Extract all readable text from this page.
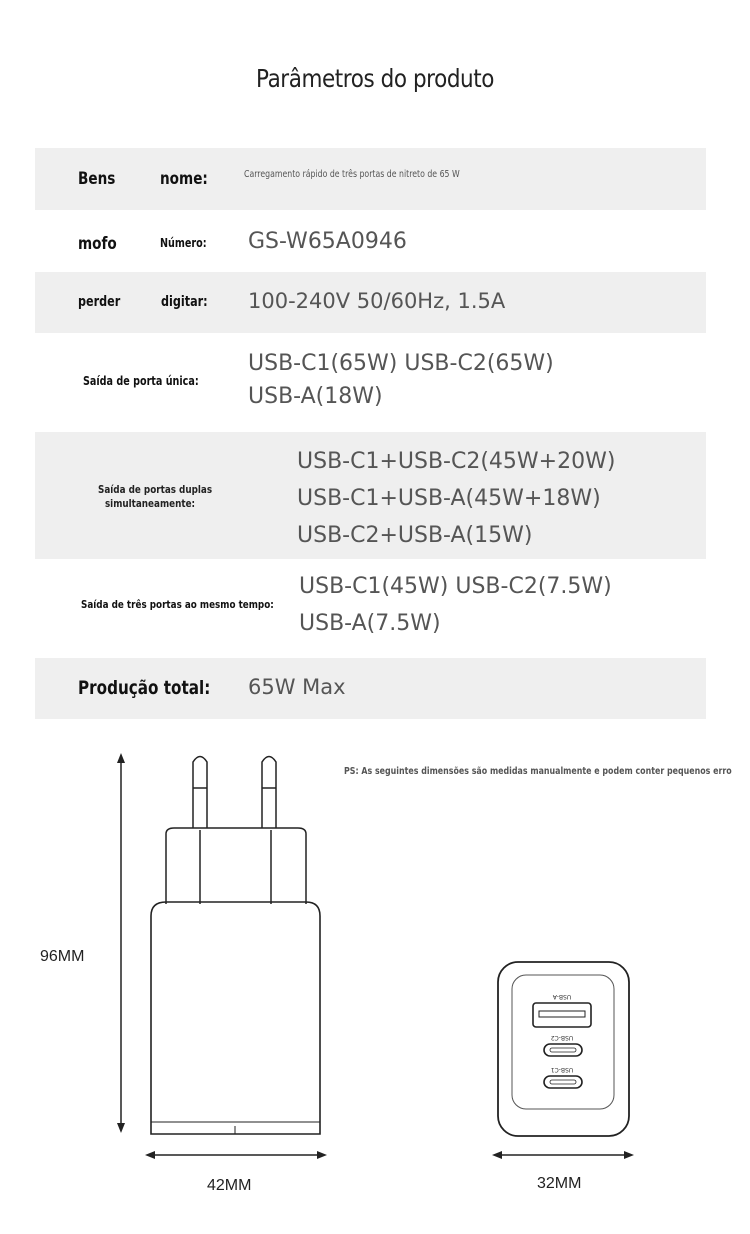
Parâmetros do produto
Bens	nome:	Carregamento rápido de três portas de nitreto de 65 W
mofo	Número: GS-W65A0946
perder	digitar: 100-240V 50/60Hz, 1.5A
Saída de porta única:
USB-C1(65W) USB-C2(65W)
USB-A(18W)
Saída de portas duplas
simultaneamente:
USB-C1+USB-C2(45W+20W)
USB-C1+USB-A(45W+18W)
USB-C2+USB-A(15W)
Saída de três portas ao mesmo tempo:
USB-C1(45W) USB-C2(7.5W)
USB-A(7.5W)
Produção total: 65W Max
PS: As seguintes dimensões são medidas manualmente e podem conter pequenos erro
USB-A
USB-C2
USB-C1
96MM
42MM	32MM
